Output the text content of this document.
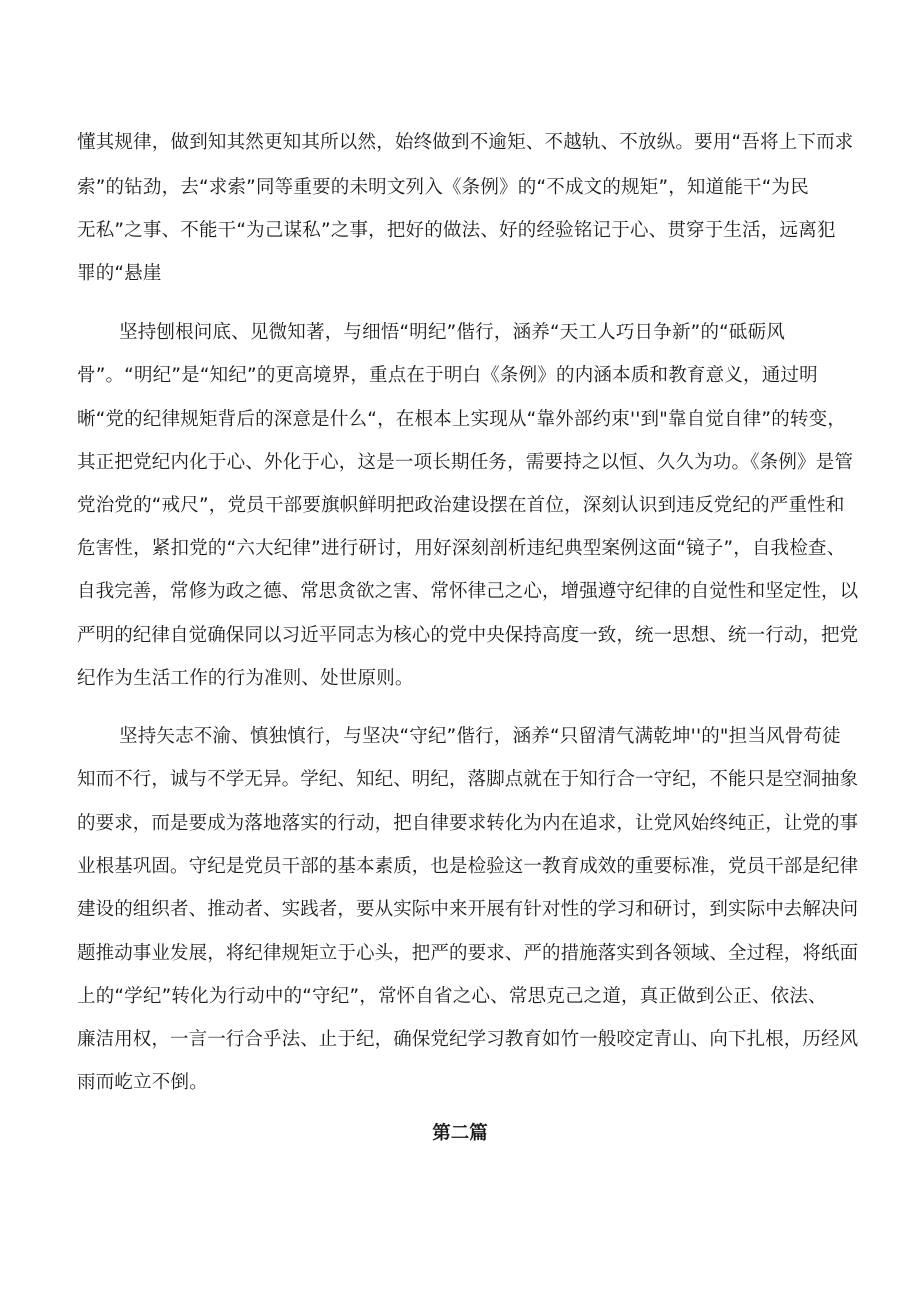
懂其规律，做到知其然更知其所以然，始终做到不逾矩、不越轨、不放纵。要用“吾将上下而求
索”的钻劲，去“求索”同等重要的未明文列入《条例》的“不成文的规矩”，知道能干“为民
无私”之事、不能干“为己谋私”之事，把好的做法、好的经验铭记于心、贯穿于生活，远离犯
罪的“悬崖
坚持刨根问底、见微知著，与细悟“明纪”偕行，涵养“天工人巧日争新”的“砥砺风
骨”。“明纪”是“知纪”的更高境界，重点在于明白《条例》的内涵本质和教育意义，通过明
晰“党的纪律规矩背后的深意是什么“，在根本上实现从“靠外部约束''到"靠自觉自律”的转变，
其正把党纪内化于心、外化于心，这是一项长期任务，需要持之以恒、久久为功。《条例》是管
党治党的“戒尺”，党员干部要旗帜鲜明把政治建设摆在首位，深刻认识到违反党纪的严重性和
危害性，紧扣党的“六大纪律”进行研讨，用好深刻剖析违纪典型案例这面“镜子”，自我检查、
自我完善，常修为政之德、常思贪欲之害、常怀律己之心，增强遵守纪律的自觉性和坚定性，以
严明的纪律自觉确保同以习近平同志为核心的党中央保持高度一致，统一思想、统一行动，把党
纪作为生活工作的行为准则、处世原则。
坚持矢志不渝、慎独慎行，与坚决“守纪”偕行，涵养“只留清气满乾坤''的"担当风骨苟徒
知而不行，诚与不学无异。学纪、知纪、明纪，落脚点就在于知行合一守纪，不能只是空洞抽象
的要求，而是要成为落地落实的行动，把自律要求转化为内在追求，让党风始终纯正，让党的事
业根基巩固。守纪是党员干部的基本素质，也是检验这一教育成效的重要标准，党员干部是纪律
建设的组织者、推动者、实践者，要从实际中来开展有针对性的学习和研讨，到实际中去解决问
题推动事业发展，将纪律规矩立于心头，把严的要求、严的措施落实到各领域、全过程，将纸面
上的“学纪”转化为行动中的“守纪”，常怀自省之心、常思克己之道，真正做到公正、依法、
廉洁用权，一言一行合乎法、止于纪，确保党纪学习教育如竹一般咬定青山、向下扎根，历经风
雨而屹立不倒。
第二篇
